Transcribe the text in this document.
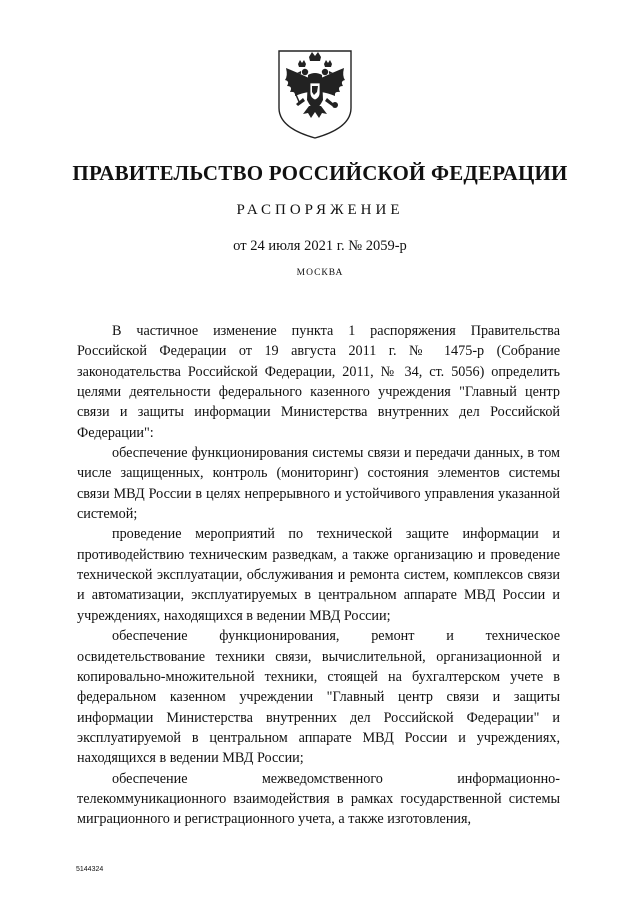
ПРАВИТЕЛЬСТВО РОССИЙСКОЙ ФЕДЕРАЦИИ
РАСПОРЯЖЕНИЕ
от 24 июля 2021 г. № 2059-р
МОСКВА

В частичное изменение пункта 1 распоряжения Правительства Российской Федерации от 19 августа 2011 г. № 1475-р (Собрание законодательства Российской Федерации, 2011, № 34, ст. 5056) определить целями деятельности федерального казенного учреждения "Главный центр связи и защиты информации Министерства внутренних дел Российской Федерации":

обеспечение функционирования системы связи и передачи данных, в том числе защищенных, контроль (мониторинг) состояния элементов системы связи МВД России в целях непрерывного и устойчивого управления указанной системой;

проведение мероприятий по технической защите информации и противодействию техническим разведкам, а также организацию и проведение технической эксплуатации, обслуживания и ремонта систем, комплексов связи и автоматизации, эксплуатируемых в центральном аппарате МВД России и учреждениях, находящихся в ведении МВД России;

обеспечение функционирования, ремонт и техническое освидетельствование техники связи, вычислительной, организационной и копировально-множительной техники, стоящей на бухгалтерском учете в федеральном казенном учреждении "Главный центр связи и защиты информации Министерства внутренних дел Российской Федерации" и эксплуатируемой в центральном аппарате МВД России и учреждениях, находящихся в ведении МВД России;

обеспечение межведомственного информационно-телекоммуникационного взаимодействия в рамках государственной системы миграционного и регистрационного учета, а также изготовления,

5144324
